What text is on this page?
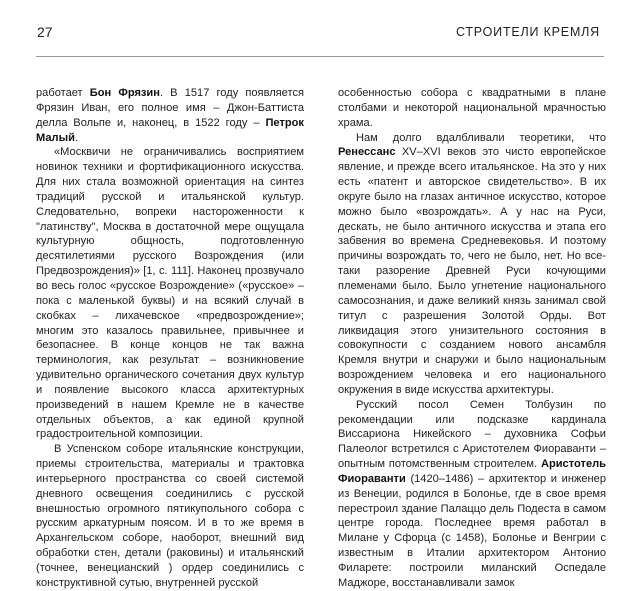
27	СТРОИТЕЛИ КРЕМЛЯ

работает Бон Фрязин. В 1517 году появляется Фрязин Иван, его полное имя – Джон-Баттиста делла Вольпе и, наконец, в 1522 году – Петрок Малый.

«Москвичи не ограничивались восприятием новинок техники и фортификационного искусства. Для них стала возможной ориентация на синтез традиций русской и итальянской культур. Следовательно, вопреки настороженности к "латинству", Москва в достаточной мере ощущала культурную общность, подготовленную десятилетиями русского Возрождения (или Предвозрождения)» [1, с. 111]. Наконец прозвучало во весь голос «русское Возрождение» («русское» – пока с маленькой буквы) и на всякий случай в скобках – лихачевское «предвозрождение»; многим это казалось правильнее, привычнее и безопаснее. В конце концов не так важна терминология, как результат – возникновение удивительно органического сочетания двух культур и появление высокого класса архитектурных произведений в нашем Кремле не в качестве отдельных объектов, а как единой крупной градостроительной композиции.

В Успенском соборе итальянские конструкции, приемы строительства, материалы и трактовка интерьерного пространства со своей системой дневного освещения соединились с русской внешностью огромного пятикупольного собора с русским аркатурным поясом. И в то же время в Архангельском соборе, наоборот, внешний вид обработки стен, детали (раковины) и итальянский (точнее, венецианский ) ордер соединились с конструктивной сутью, внутренней русской

особенностью собора с квадратными в плане столбами и некоторой национальной мрачностью храма.

Нам долго вдалбливали теоретики, что Ренессанс XV–XVI веков это чисто европейское явление, и прежде всего итальянское. На это у них есть «патент и авторское свидетельство». В их округе было на глазах античное искусство, которое можно было «возрождать». А у нас на Руси, дескать, не было античного искусства и этапа его забвения во времена Средневековья. И поэтому причины возрождать то, чего не было, нет. Но все-таки разорение Древней Руси кочующими племенами было. Было угнетение национального самосознания, и даже великий князь занимал свой титул с разрешения Золотой Орды. Вот ликвидация этого унизительного состояния в совокупности с созданием нового ансамбля Кремля внутри и снаружи и было национальным возрождением человека и его национального окружения в виде искусства архитектуры.

Русский посол Семен Толбузин по рекомендации или подсказке кардинала Виссариона Никейского – духовника Софьи Палеолог встретился с Аристотелем Фиораванти – опытным потомственным строителем. Аристотель Фиораванти (1420–1486) – архитектор и инженер из Венеции, родился в Болонье, где в свое время перестроил здание Палаццо дель Подеста в самом центре города. Последнее время работал в Милане у Сфорца (с 1458), Болонье и Венгрии с известным в Италии архитектором Антонио Филарете: построили миланский Оспедале Маджоре, восстанавливали замок
